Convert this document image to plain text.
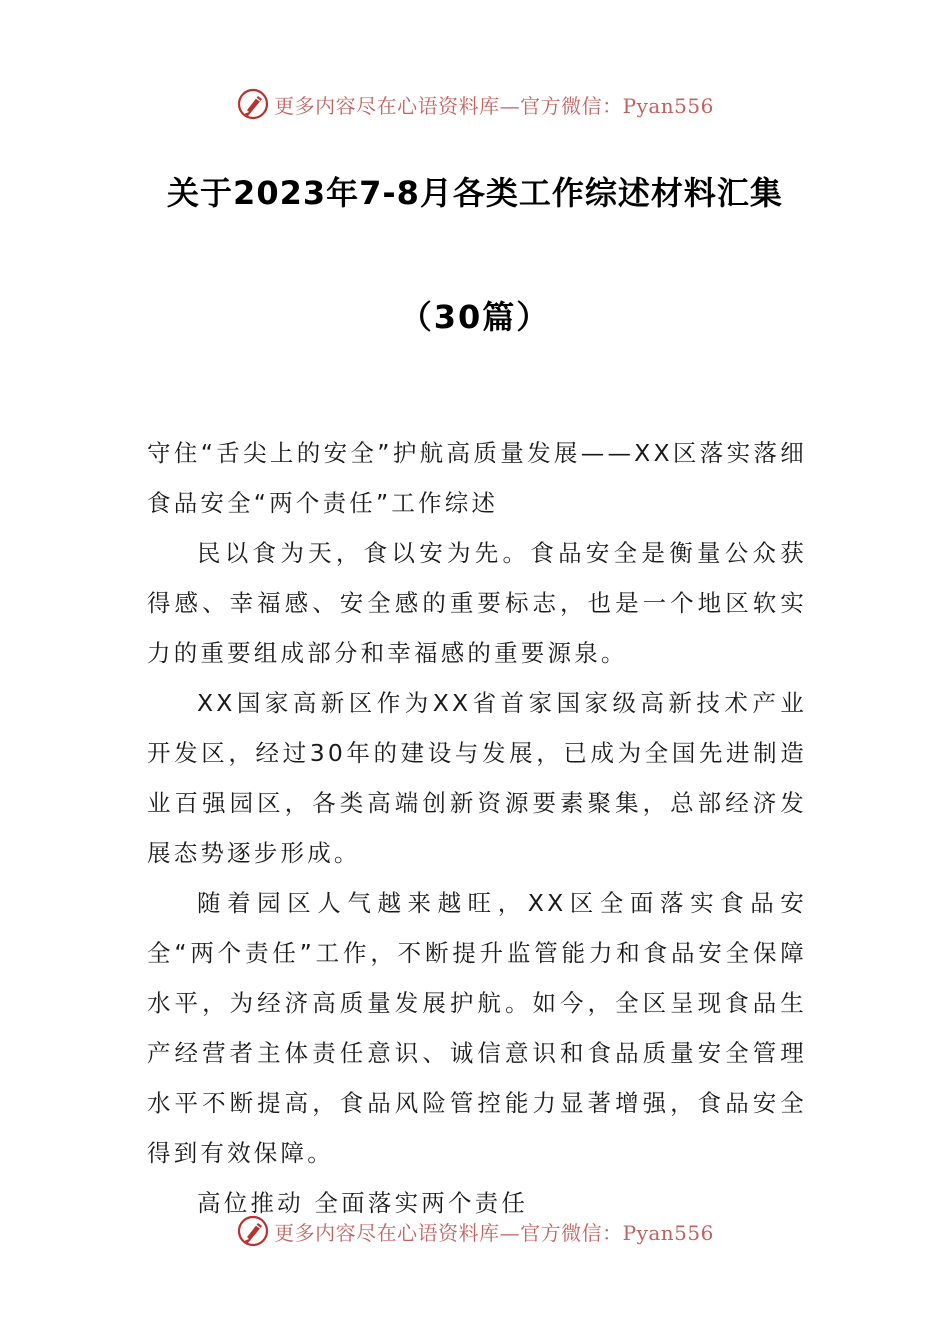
更多内容尽在心语资料库—官方微信：Pyan556
关于2023年7-8月各类工作综述材料汇集
（30篇）

守住“舌尖上的安全”护航高质量发展——XX区落实落细食品安全“两个责任”工作综述

民以食为天，食以安为先。食品安全是衡量公众获得感、幸福感、安全感的重要标志，也是一个地区软实力的重要组成部分和幸福感的重要源泉。

XX国家高新区作为XX省首家国家级高新技术产业开发区，经过30年的建设与发展，已成为全国先进制造业百强园区，各类高端创新资源要素聚集，总部经济发展态势逐步形成。

随着园区人气越来越旺，XX区全面落实食品安全“两个责任”工作，不断提升监管能力和食品安全保障水平，为经济高质量发展护航。如今，全区呈现食品生产经营者主体责任意识、诚信意识和食品质量安全管理水平不断提高，食品风险管控能力显著增强，食品安全得到有效保障。

高位推动 全面落实两个责任

更多内容尽在心语资料库—官方微信：Pyan556
